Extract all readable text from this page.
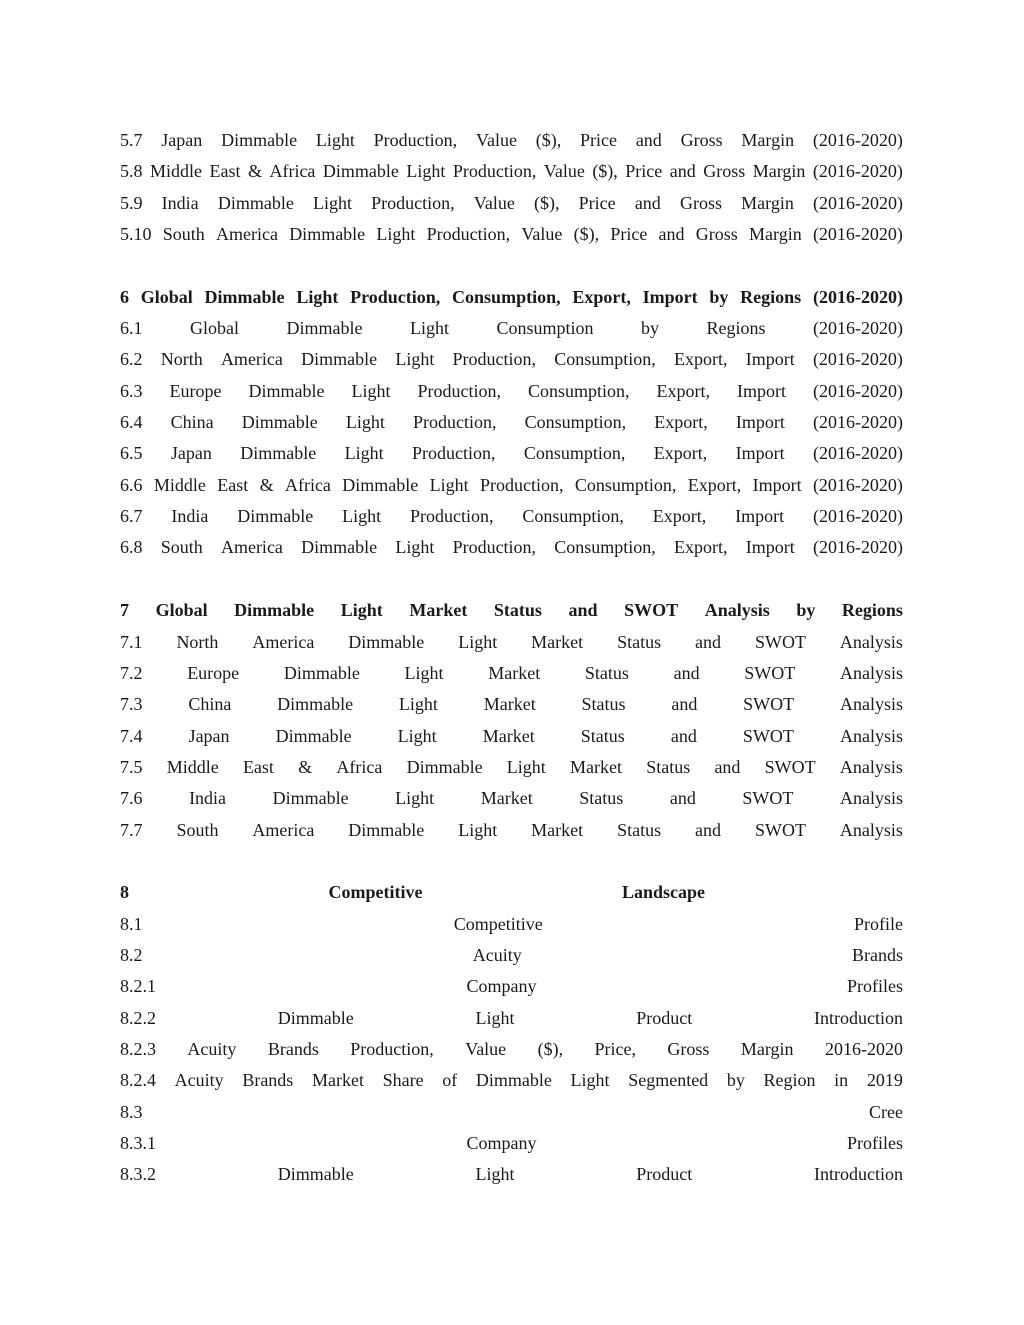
5.7 Japan Dimmable Light Production, Value ($), Price and Gross Margin (2016-2020)
5.8 Middle East & Africa Dimmable Light Production, Value ($), Price and Gross Margin (2016-2020)
5.9 India Dimmable Light Production, Value ($), Price and Gross Margin (2016-2020)
5.10 South America Dimmable Light Production, Value ($), Price and Gross Margin (2016-2020)
6 Global Dimmable Light Production, Consumption, Export, Import by Regions (2016-2020)
6.1	Global	Dimmable	Light	Consumption	by	Regions	(2016-2020)
6.2 North America Dimmable Light Production, Consumption, Export, Import (2016-2020)
6.3 Europe Dimmable Light Production, Consumption, Export, Import (2016-2020)
6.4 China Dimmable Light Production, Consumption, Export, Import (2016-2020)
6.5 Japan Dimmable Light Production, Consumption, Export, Import (2016-2020)
6.6 Middle East & Africa Dimmable Light Production, Consumption, Export, Import (2016-2020)
6.7 India Dimmable Light Production, Consumption, Export, Import (2016-2020)
6.8 South America Dimmable Light Production, Consumption, Export, Import (2016-2020)
7 Global Dimmable Light Market Status and SWOT Analysis by Regions
7.1 North America Dimmable Light Market Status and SWOT Analysis
7.2 Europe Dimmable Light Market Status and SWOT Analysis
7.3	China	Dimmable	Light	Market	Status	and	SWOT	Analysis
7.4	Japan	Dimmable	Light	Market	Status	and	SWOT	Analysis
7.5 Middle East & Africa Dimmable Light Market Status and SWOT Analysis
7.6	India	Dimmable	Light	Market	Status	and	SWOT	Analysis
7.7 South America Dimmable Light Market Status and SWOT Analysis
8	Competitive	Landscape
8.1	Competitive	Profile
8.2	Acuity	Brands
8.2.1	Company	Profiles
8.2.2	Dimmable	Light	Product	Introduction
8.2.3 Acuity Brands Production, Value ($), Price, Gross Margin 2016-2020
8.2.4 Acuity Brands Market Share of Dimmable Light Segmented by Region in 2019
8.3	Cree
8.3.1	Company	Profiles
8.3.2	Dimmable	Light	Product	Introduction
